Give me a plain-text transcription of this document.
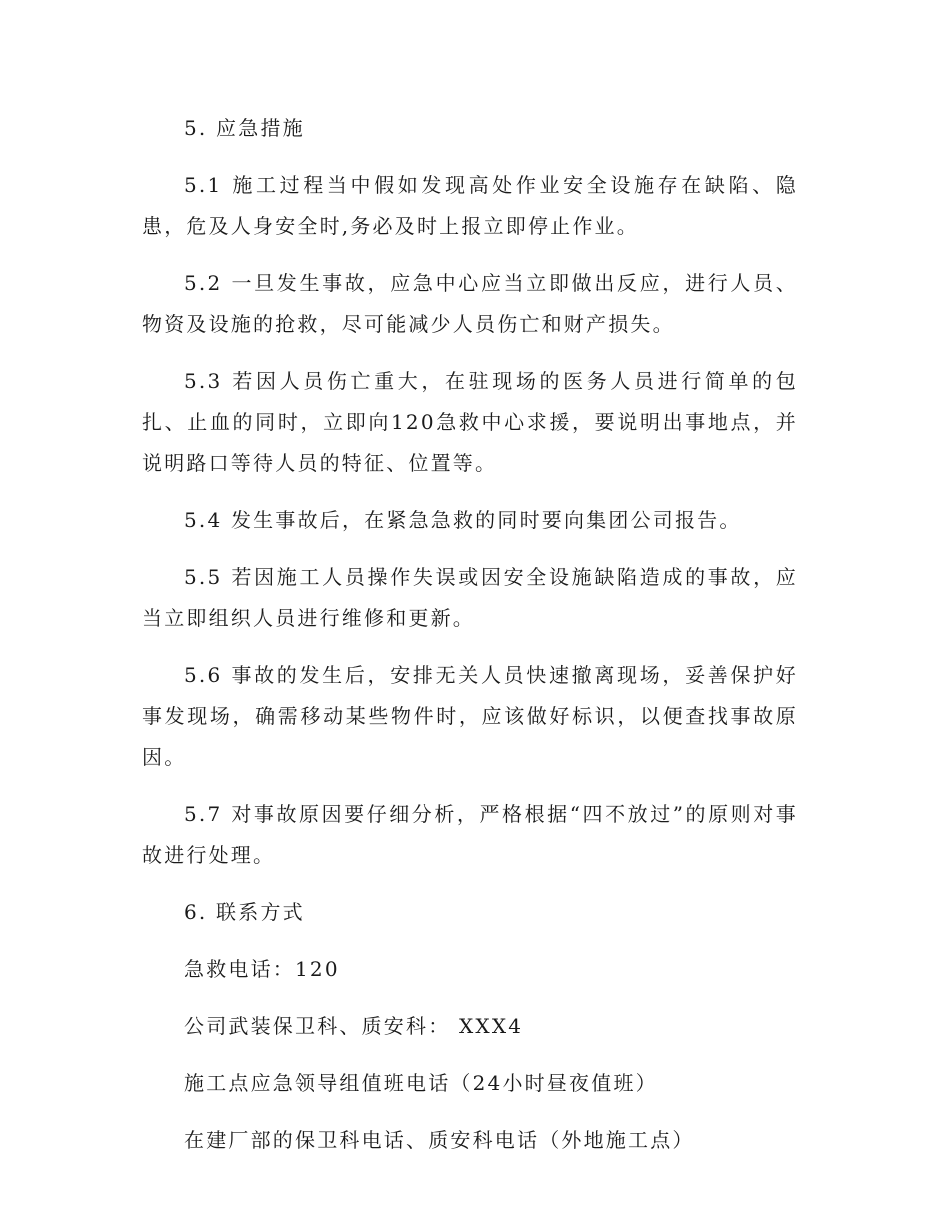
5. 应急措施

5.1 施工过程当中假如发现高处作业安全设施存在缺陷、隐患，危及人身安全时,务必及时上报立即停止作业。

5.2 一旦发生事故，应急中心应当立即做出反应，进行人员、物资及设施的抢救，尽可能减少人员伤亡和财产损失。

5.3 若因人员伤亡重大，在驻现场的医务人员进行简单的包扎、止血的同时，立即向120急救中心求援，要说明出事地点，并说明路口等待人员的特征、位置等。

5.4 发生事故后，在紧急急救的同时要向集团公司报告。

5.5 若因施工人员操作失误或因安全设施缺陷造成的事故，应当立即组织人员进行维修和更新。

5.6 事故的发生后，安排无关人员快速撤离现场，妥善保护好事发现场，确需移动某些物件时，应该做好标识，以便查找事故原因。

5.7 对事故原因要仔细分析，严格根据“四不放过”的原则对事故进行处理。

6. 联系方式

急救电话：120

公司武装保卫科、质安科： XXX4

施工点应急领导组值班电话（24小时昼夜值班）

在建厂部的保卫科电话、质安科电话（外地施工点）
